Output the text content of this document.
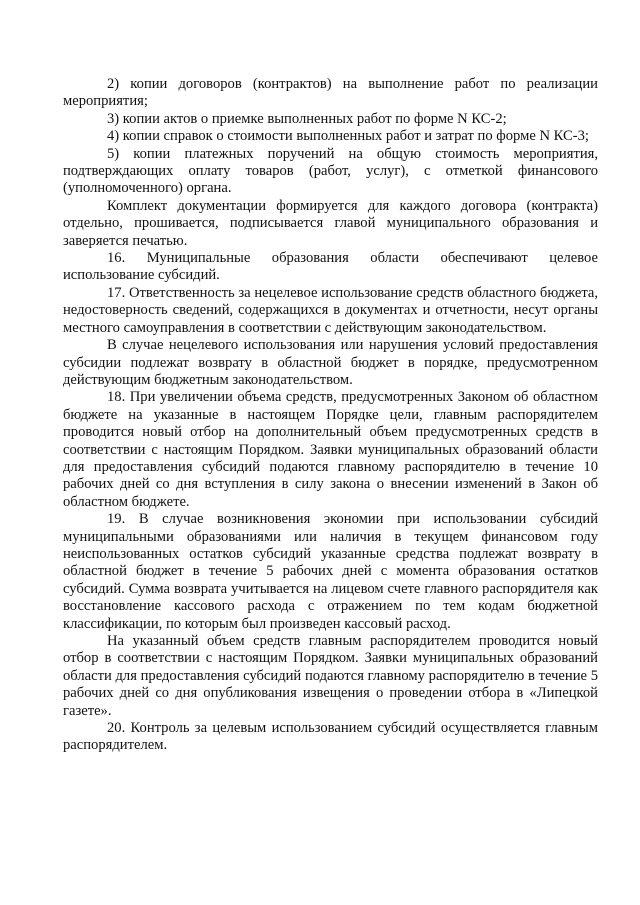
2) копии договоров (контрактов) на выполнение работ по реализации мероприятия;

3) копии актов о приемке выполненных работ по форме N КС-2;

4) копии справок о стоимости выполненных работ и затрат по форме N КС-3;

5) копии платежных поручений на общую стоимость мероприятия, подтверждающих оплату товаров (работ, услуг), с отметкой финансового (уполномоченного) органа.

Комплект документации формируется для каждого договора (контракта) отдельно, прошивается, подписывается главой муниципального образования и заверяется печатью.

16. Муниципальные образования области обеспечивают целевое использование субсидий.

17. Ответственность за нецелевое использование средств областного бюджета, недостоверность сведений, содержащихся в документах и отчетности, несут органы местного самоуправления в соответствии с действующим законодательством.

В случае нецелевого использования или нарушения условий предоставления субсидии подлежат возврату в областной бюджет в порядке, предусмотренном действующим бюджетным законодательством.

18. При увеличении объема средств, предусмотренных Законом об областном бюджете на указанные в настоящем Порядке цели, главным распорядителем проводится новый отбор на дополнительный объем предусмотренных средств в соответствии с настоящим Порядком. Заявки муниципальных образований области для предоставления субсидий подаются главному распорядителю в течение 10 рабочих дней со дня вступления в силу закона о внесении изменений в Закон об областном бюджете.

19. В случае возникновения экономии при использовании субсидий муниципальными образованиями или наличия в текущем финансовом году неиспользованных остатков субсидий указанные средства подлежат возврату в областной бюджет в течение 5 рабочих дней с момента образования остатков субсидий. Сумма возврата учитывается на лицевом счете главного распорядителя как восстановление кассового расхода с отражением по тем кодам бюджетной классификации, по которым был произведен кассовый расход.

На указанный объем средств главным распорядителем проводится новый отбор в соответствии с настоящим Порядком. Заявки муниципальных образований области для предоставления субсидий подаются главному распорядителю в течение 5 рабочих дней со дня опубликования извещения о проведении отбора в «Липецкой газете».

20. Контроль за целевым использованием субсидий осуществляется главным распорядителем.
